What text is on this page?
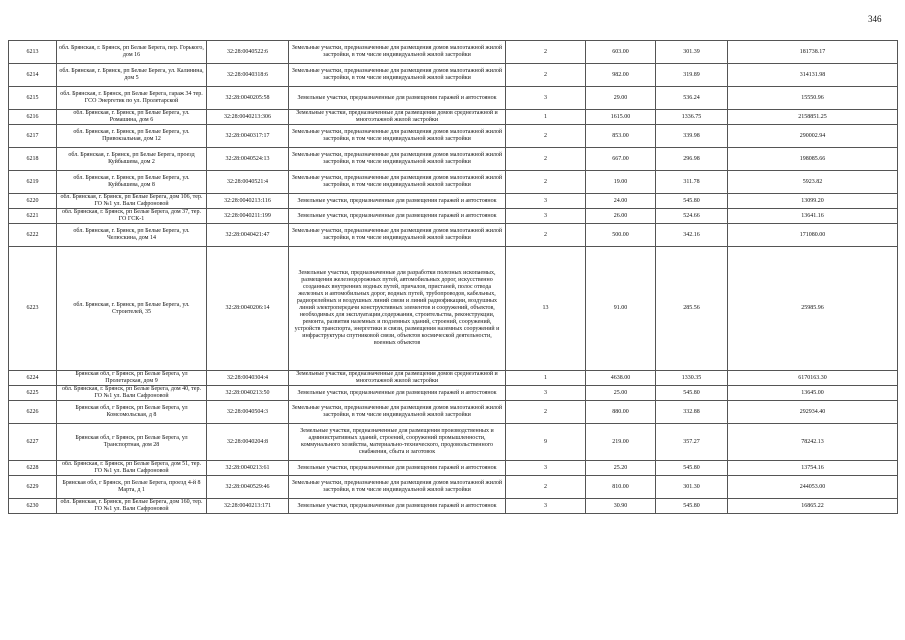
346
6213	обл. Брянская, г. Брянск, рп Белые Берега, пер. Горького, дом 16	32:28:0040522:6	Земельные участки, предназначенные для размещения домов малоэтажной жилой застройки, в том числе индивидуальной жилой застройки	2	603.00	301.39	181738.17
6214	обл. Брянская, г. Брянск, рп Белые Берега, ул. Калинина, дом 5	32:28:0040318:6	Земельные участки, предназначенные для размещения домов малоэтажной жилой застройки, в том числе индивидуальной жилой застройки	2	982.00	319.89	314131.98
6215	обл. Брянская, г. Брянск, рп Белые Берега, гараж 34 тер. ГСО Энергетик по ул. Пролетарской	32:28:0040205:58	Земельные участки, предназначенные для размещения гаражей и автостоянок	3	29.00	536.24	15550.96
6216	обл. Брянская, г. Брянск, рп Белые Берега, ул. Ромашина, дом 6	32:28:0040213:306	Земельные участки, предназначенные для размещения домов среднеэтажной и многоэтажной жилой застройки	1	1615.00	1336.75	2158851.25
6217	обл. Брянская, г. Брянск, рп Белые Берега, ул. Привокзальная, дом 12	32:28:0040317:17	Земельные участки, предназначенные для размещения домов малоэтажной жилой застройки, в том числе индивидуальной жилой застройки	2	853.00	339.98	290002.94
6218	обл. Брянская, г. Брянск, рп Белые Берега, проезд Куйбышева, дом 2	32:28:0040524:13	Земельные участки, предназначенные для размещения домов малоэтажной жилой застройки, в том числе индивидуальной жилой застройки	2	667.00	296.98	198085.66
6219	обл. Брянская, г. Брянск, рп Белые Берега, ул. Куйбышева, дом 8	32:28:0040521:4	Земельные участки, предназначенные для размещения домов малоэтажной жилой застройки, в том числе индивидуальной жилой застройки	2	19.00	311.78	5923.82
6220	обл. Брянская, г. Брянск, рп Белые Берега, дом 106, тер. ГО №1 ул. Вали Сафроновой	32:28:0040213:116	Земельные участки, предназначенные для размещения гаражей и автостоянок	3	24.00	545.80	13099.20
6221	обл. Брянская, г. Брянск, рп Белые Берега, дом 37, тер. ГО ГСК-1	32:28:0040211:199	Земельные участки, предназначенные для размещения гаражей и автостоянок	3	26.00	524.66	13641.16
6222	обл. Брянская, г. Брянск, рп Белые Берега, ул. Челюскина, дом 14	32:28:0040421:47	Земельные участки, предназначенные для размещения домов малоэтажной жилой застройки, в том числе индивидуальной жилой застройки	2	500.00	342.16	171080.00
6223	обл. Брянская, г. Брянск, рп Белые Берега, ул. Строителей, 35	32:28:0040206:14	Земельные участки, предназначенные для разработки полезных ископаемых, размещения железнодорожных путей, автомобильных дорог, искусственно созданных внутренних водных путей, причалов, пристаней, полос отвода железных и автомобильных дорог, водных путей, трубопроводов, кабельных, радиорелейных и воздушных линий связи и линий радиофикации, воздушных линий электропередачи конструктивных элементов и сооружений, объектов, необходимых для эксплуатации,содержания, строительства, реконструкции, ремонта, развития наземных и подземных зданий, строений, сооружений, устройств транспорта, энергетики и связи, размещения наземных сооружений и инфраструктуры спутниковой связи, объектов космической деятельности, военных объектов	13	91.00	285.56	25985.96
6224	Брянская обл, г Брянск, рп Белые Берега, ул Пролетарская, дом 9	32:28:0040304:4	Земельные участки, предназначенные для размещения домов среднеэтажной и многоэтажной жилой застройки	1	4638.00	1330.35	6170163.30
6225	обл. Брянская, г. Брянск, рп Белые Берега, дом 40, тер. ГО №1 ул. Вали Сафроновой	32:28:0040213:50	Земельные участки, предназначенные для размещения гаражей и автостоянок	3	25.00	545.80	13645.00
6226	Брянская обл, г Брянск, рп Белые Берега, ул Комсомольская, д 8	32:28:0040504:3	Земельные участки, предназначенные для размещения домов малоэтажной жилой застройки, в том числе индивидуальной жилой застройки	2	880.00	332.88	292934.40
6227	Брянская обл, г Брянск, рп Белые Берега, ул Транспортная, дом 28	32:28:0040204:8	Земельные участки, предназначенные для размещения производственных и административных зданий, строений, сооружений промышленности, коммунального хозяйства, материально-технического, продовольственного снабжения, сбыта и заготовок	9	219.00	357.27	78242.13
6228	обл. Брянская, г. Брянск, рп Белые Берега, дом 51, тер. ГО №1 ул. Вали Сафроновой	32:28:0040213:61	Земельные участки, предназначенные для размещения гаражей и автостоянок	3	25.20	545.80	13754.16
6229	Брянская обл, г Брянск, рп Белые Берега, проезд 4-й 8 Марта, д 1	32:28:0040529:46	Земельные участки, предназначенные для размещения домов малоэтажной жилой застройки, в том числе индивидуальной жилой застройки	2	810.00	301.30	244053.00
6230	обл. Брянская, г. Брянск, рп Белые Берега, дом 160, тер. ГО №1 ул. Вали Сафроновой	32:28:0040213:171	Земельные участки, предназначенные для размещения гаражей и автостоянок	3	30.90	545.80	16865.22
